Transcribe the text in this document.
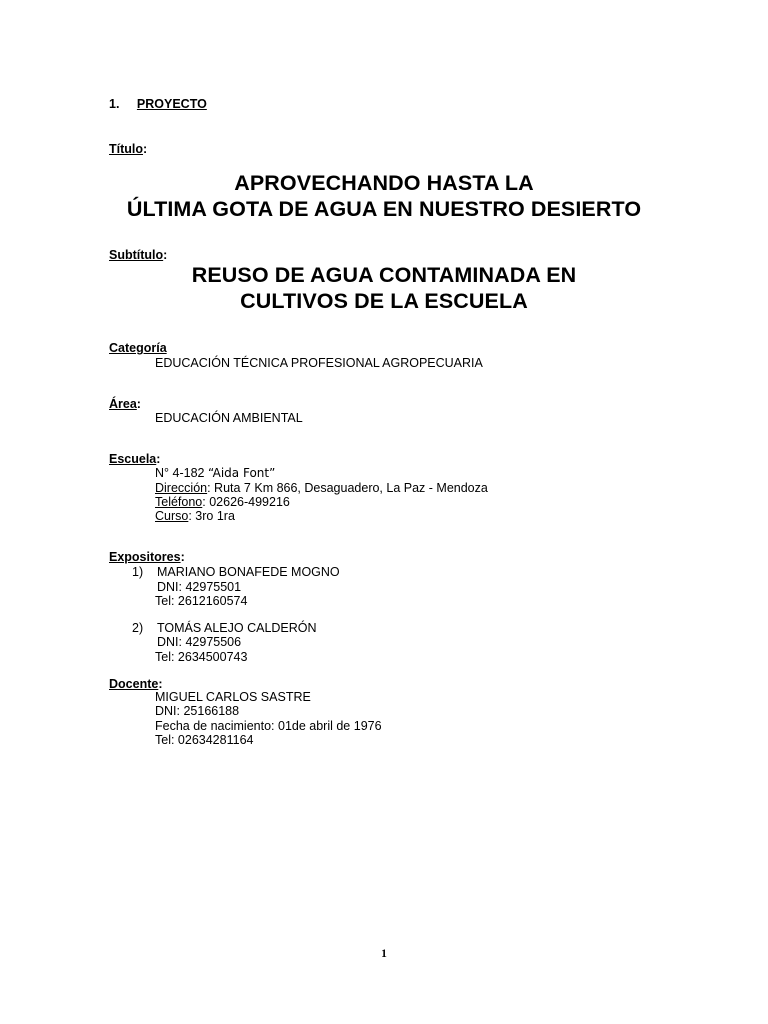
1. PROYECTO
Título:
APROVECHANDO HASTA LA
ÚLTIMA GOTA DE AGUA EN NUESTRO DESIERTO
Subtítulo:
REUSO DE AGUA CONTAMINADA EN
CULTIVOS DE LA ESCUELA
Categoría
EDUCACIÓN TÉCNICA PROFESIONAL AGROPECUARIA
Área:
EDUCACIÓN AMBIENTAL
Escuela:
N° 4-182 “Aida Font”
Dirección: Ruta 7 Km 866, Desaguadero, La Paz - Mendoza
Teléfono: 02626-499216
Curso: 3ro 1ra
Expositores:
1) MARIANO BONAFEDE MOGNO
DNI: 42975501
Tel: 2612160574
2) TOMÁS ALEJO CALDERÓN
DNI: 42975506
Tel: 2634500743
Docente:
MIGUEL CARLOS SASTRE
DNI: 25166188
Fecha de nacimiento: 01de abril de 1976
Tel: 02634281164
1
